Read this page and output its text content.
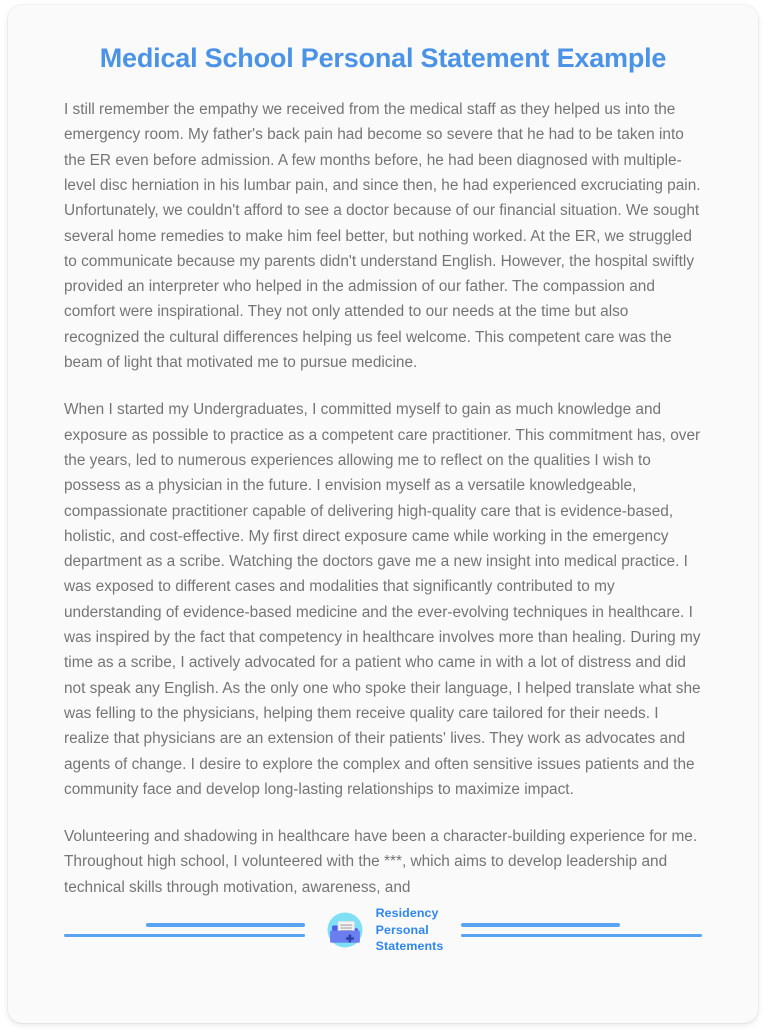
Medical School Personal Statement Example

I still remember the empathy we received from the medical staff as they helped us into the emergency room. My father's back pain had become so severe that he had to be taken into the ER even before admission. A few months before, he had been diagnosed with multiple-level disc herniation in his lumbar pain, and since then, he had experienced excruciating pain. Unfortunately, we couldn't afford to see a doctor because of our financial situation. We sought several home remedies to make him feel better, but nothing worked. At the ER, we struggled to communicate because my parents didn't understand English. However, the hospital swiftly provided an interpreter who helped in the admission of our father. The compassion and comfort were inspirational. They not only attended to our needs at the time but also recognized the cultural differences helping us feel welcome. This competent care was the beam of light that motivated me to pursue medicine.

When I started my Undergraduates, I committed myself to gain as much knowledge and exposure as possible to practice as a competent care practitioner. This commitment has, over the years, led to numerous experiences allowing me to reflect on the qualities I wish to possess as a physician in the future. I envision myself as a versatile knowledgeable, compassionate practitioner capable of delivering high-quality care that is evidence-based, holistic, and cost-effective. My first direct exposure came while working in the emergency department as a scribe. Watching the doctors gave me a new insight into medical practice. I was exposed to different cases and modalities that significantly contributed to my understanding of evidence-based medicine and the ever-evolving techniques in healthcare. I was inspired by the fact that competency in healthcare involves more than healing. During my time as a scribe, I actively advocated for a patient who came in with a lot of distress and did not speak any English. As the only one who spoke their language, I helped translate what she was felling to the physicians, helping them receive quality care tailored for their needs. I realize that physicians are an extension of their patients' lives. They work as advocates and agents of change. I desire to explore the complex and often sensitive issues patients and the community face and develop long-lasting relationships to maximize impact.

Volunteering and shadowing in healthcare have been a character-building experience for me. Throughout high school, I volunteered with the ***, which aims to develop leadership and technical skills through motivation, awareness, and

Residency
Personal
Statements
